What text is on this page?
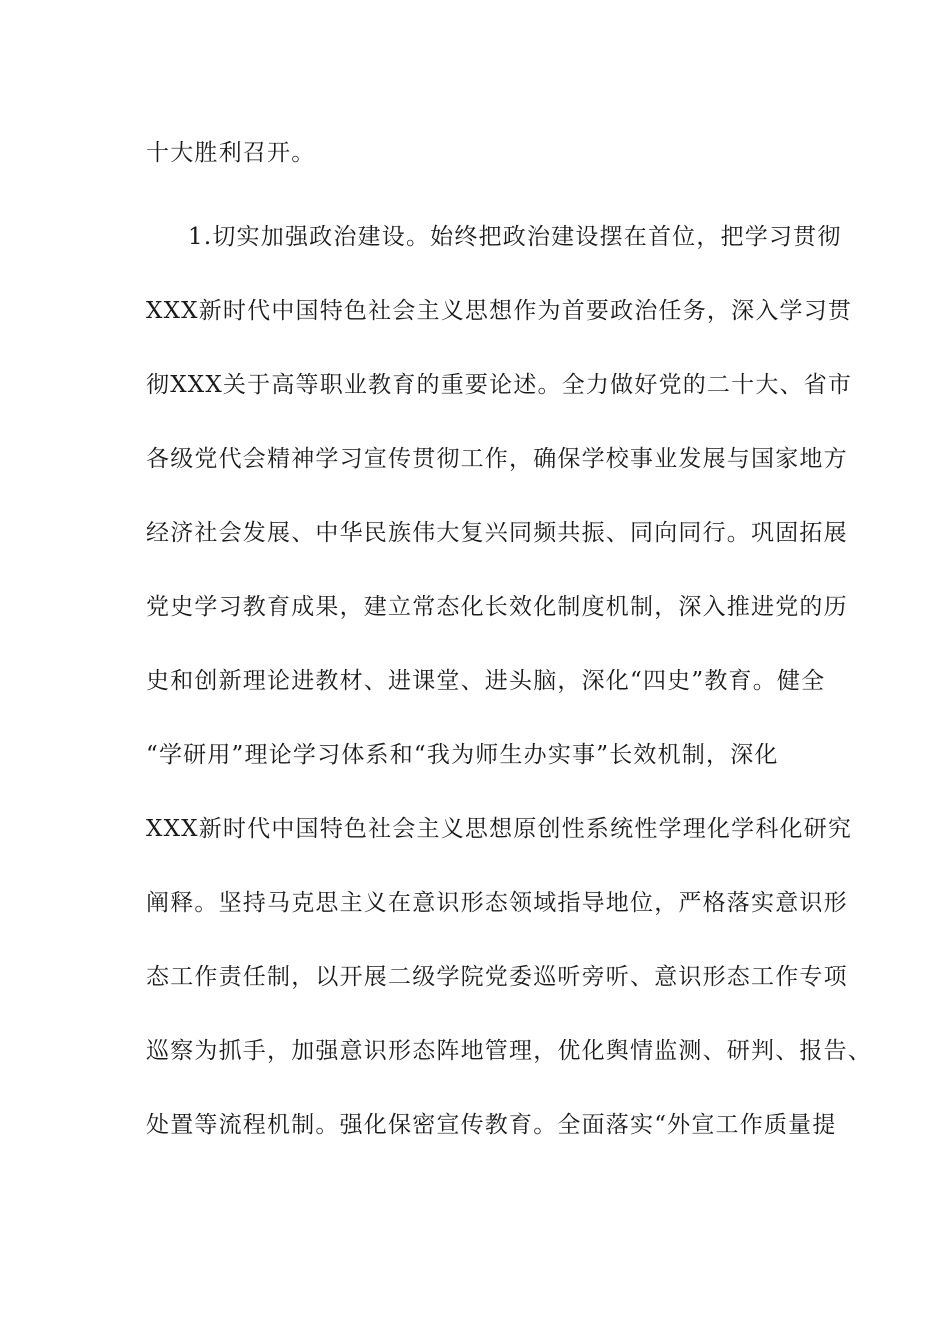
十大胜利召开。
1.切实加强政治建设。始终把政治建设摆在首位，把学习贯彻
XXX新时代中国特色社会主义思想作为首要政治任务，深入学习贯
彻XXX关于高等职业教育的重要论述。全力做好党的二十大、省市
各级党代会精神学习宣传贯彻工作，确保学校事业发展与国家地方
经济社会发展、中华民族伟大复兴同频共振、同向同行。巩固拓展
党史学习教育成果，建立常态化长效化制度机制，深入推进党的历
史和创新理论进教材、进课堂、进头脑，深化“四史”教育。健全
“学研用”理论学习体系和“我为师生办实事”长效机制，深化
XXX新时代中国特色社会主义思想原创性系统性学理化学科化研究
阐释。坚持马克思主义在意识形态领域指导地位，严格落实意识形
态工作责任制，以开展二级学院党委巡听旁听、意识形态工作专项
巡察为抓手，加强意识形态阵地管理，优化舆情监测、研判、报告、
处置等流程机制。强化保密宣传教育。全面落实“外宣工作质量提
